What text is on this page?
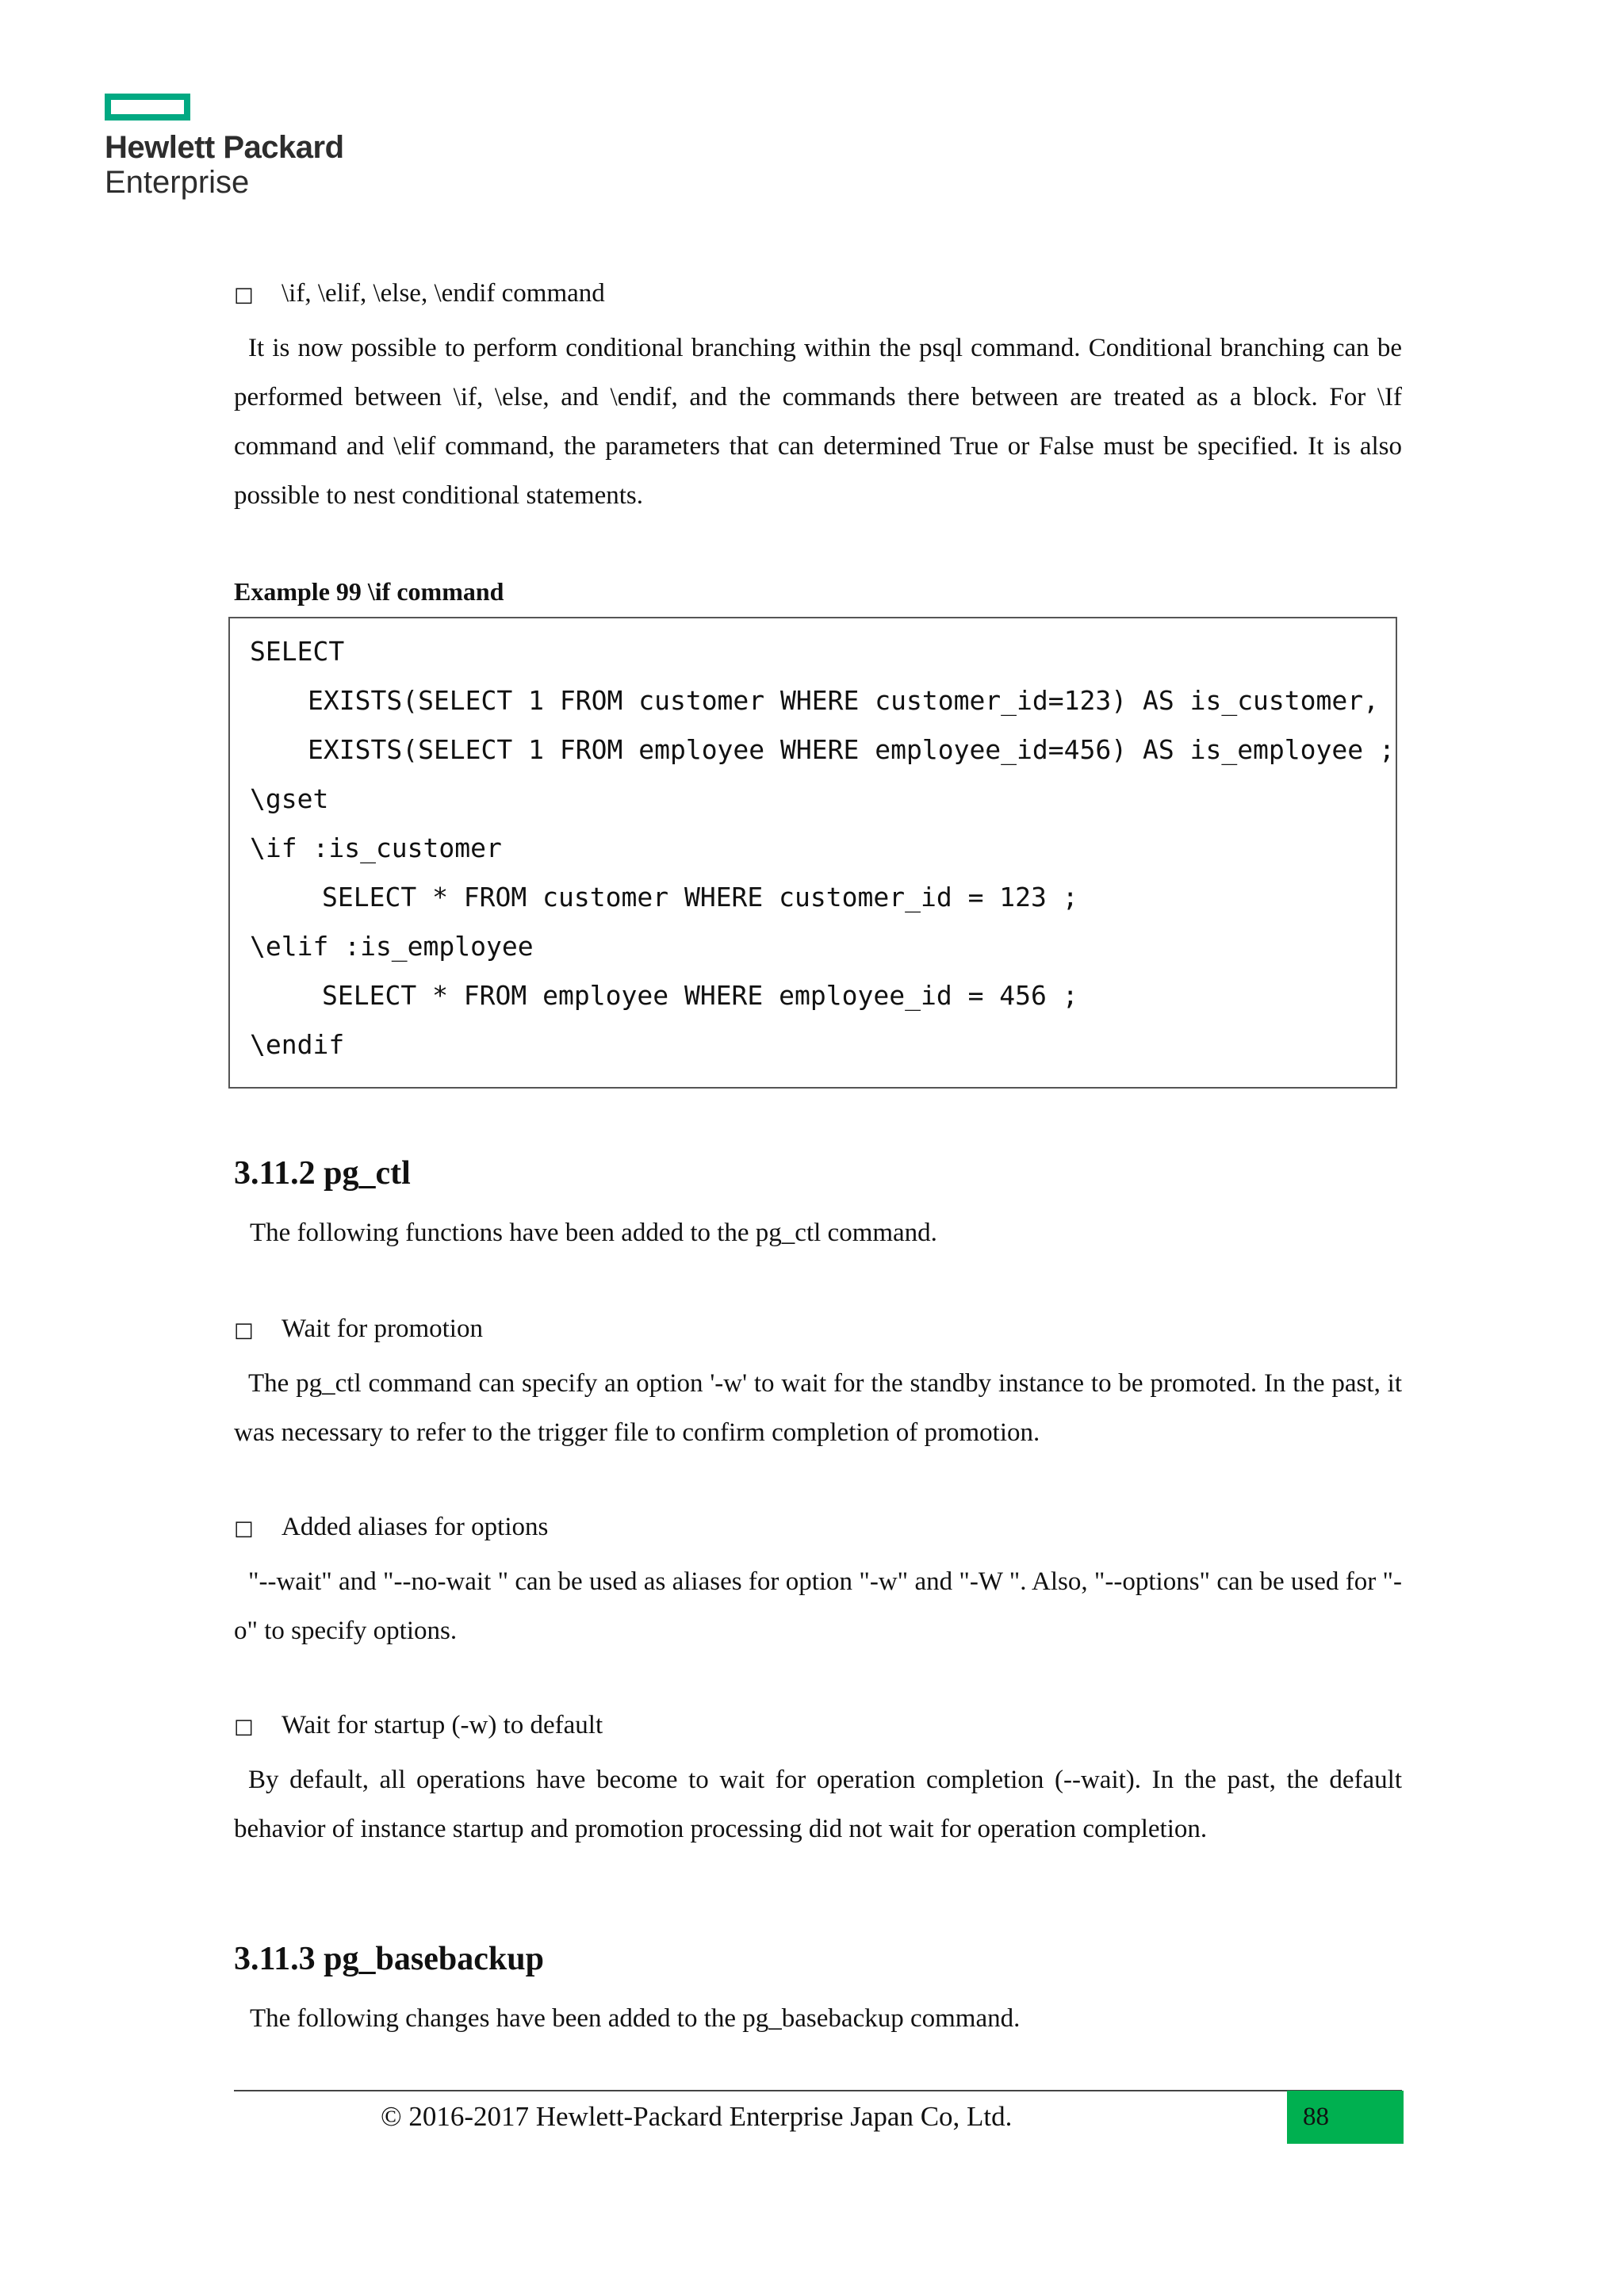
Hewlett Packard
Enterprise
□ \if, \elif, \else, \endif command
It is now possible to perform conditional branching within the psql command. Conditional branching can be performed between \if, \else, and \endif, and the commands there between are treated as a block. For \If command and \elif command, the parameters that can determined True or False must be specified. It is also possible to nest conditional statements.
Example 99 \if command
SELECT
EXISTS(SELECT 1 FROM customer WHERE customer_id=123) AS is_customer,
EXISTS(SELECT 1 FROM employee WHERE employee_id=456) AS is_employee ;
\gset
\if :is_customer
SELECT * FROM customer WHERE customer_id = 123 ;
\elif :is_employee
SELECT * FROM employee WHERE employee_id = 456 ;
\endif
3.11.2 pg_ctl
The following functions have been added to the pg_ctl command.
□ Wait for promotion
The pg_ctl command can specify an option '-w' to wait for the standby instance to be promoted. In the past, it was necessary to refer to the trigger file to confirm completion of promotion.
□ Added aliases for options
"--wait" and "--no-wait " can be used as aliases for option "-w" and "-W ". Also, "--options" can be used for "-o" to specify options.
□ Wait for startup (-w) to default
By default, all operations have become to wait for operation completion (--wait). In the past, the default behavior of instance startup and promotion processing did not wait for operation completion.
3.11.3 pg_basebackup
The following changes have been added to the pg_basebackup command.
© 2016-2017 Hewlett-Packard Enterprise Japan Co, Ltd.	88
